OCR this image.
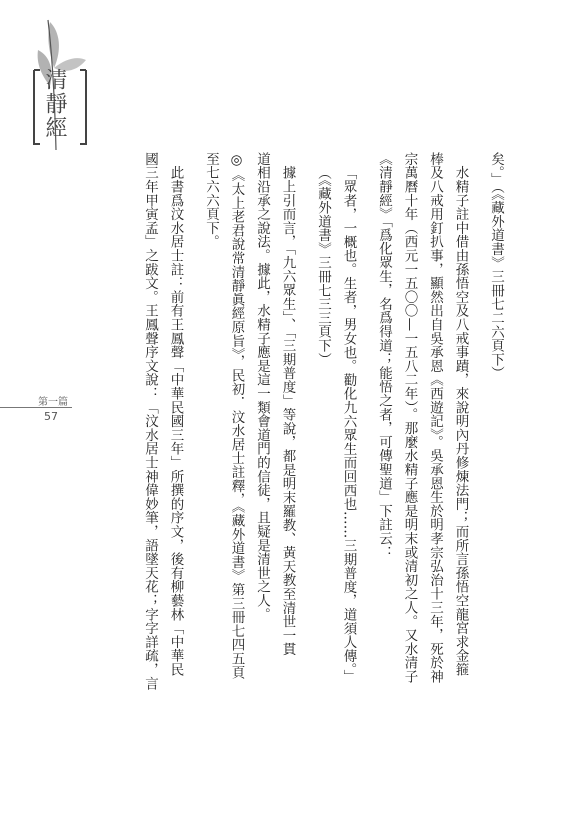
清靜經
第一篇
57
矣。」（《藏外道書》三冊七二六頁下）
　水精子註中借由孫悟空及八戒事蹟，來說明內丹修煉法門；而所言孫悟空龍宮求金箍
棒及八戒用釘扒事，顯然出自吳承恩《西遊記》。吳承恩生於明孝宗弘治十三年，死於神
宗萬曆十年（西元一五〇〇—一五八二年）。那麼水精子應是明末或清初之人。又水清子
《清靜經》「爲化眾生，名爲得道；能悟之者，可傳聖道」下註云：
「眾者，一概也。生者，男女也。勸化九六眾生而回西也……三期普度，道須人傳。」
（《藏外道書》三冊七三三頁下）
　據上引而言，「九六眾生」、「三期普度」等說，都是明末羅教、黃天教至清世一貫
道相沿承之說法。據此，水精子應是這一類會道門的信徒，且疑是清世之人。
◎《太上老君說常清靜眞經原旨》，民初．汶水居士註釋，《藏外道書》第三冊七四五頁
至七六六頁下。
　此書爲汶水居士註：前有王鳳聲「中華民國三年」所撰的序文，後有柳藝林「中華民
國三年甲寅孟」之跋文。王鳳聲序文說：「汶水居士神偉妙筆，語墜天花；字字詳疏，言
